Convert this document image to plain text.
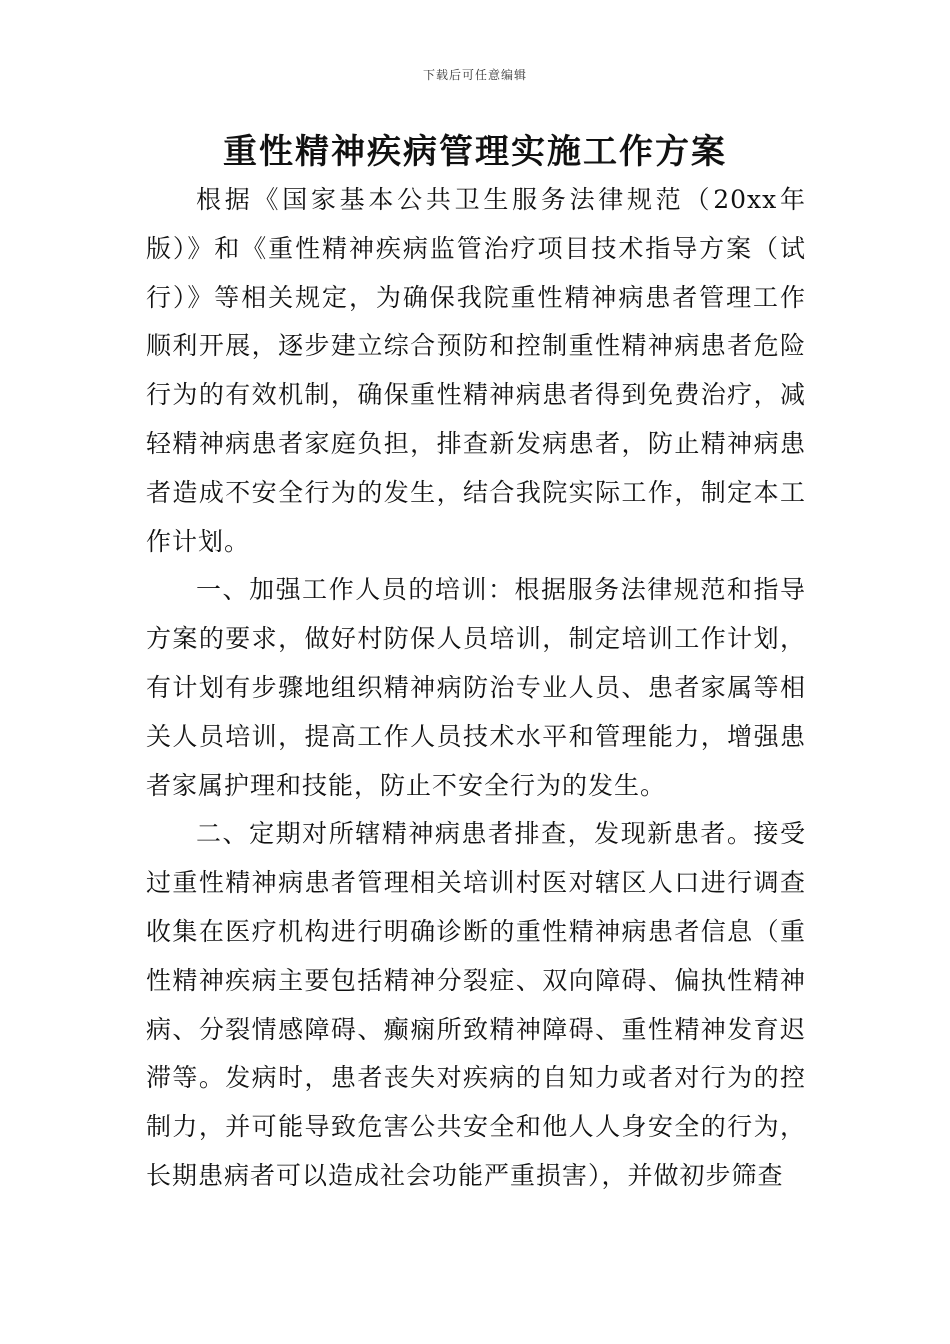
下载后可任意编辑
重性精神疾病管理实施工作方案

根据《国家基本公共卫生服务法律规范（20xx年版）》和《重性精神疾病监管治疗项目技术指导方案（试行）》等相关规定，为确保我院重性精神病患者管理工作顺利开展，逐步建立综合预防和控制重性精神病患者危险行为的有效机制，确保重性精神病患者得到免费治疗，减轻精神病患者家庭负担，排查新发病患者，防止精神病患者造成不安全行为的发生，结合我院实际工作，制定本工作计划。

一、加强工作人员的培训：根据服务法律规范和指导方案的要求，做好村防保人员培训，制定培训工作计划，有计划有步骤地组织精神病防治专业人员、患者家属等相关人员培训，提高工作人员技术水平和管理能力，增强患者家属护理和技能，防止不安全行为的发生。

二、定期对所辖精神病患者排查，发现新患者。接受过重性精神病患者管理相关培训村医对辖区人口进行调查收集在医疗机构进行明确诊断的重性精神病患者信息（重性精神疾病主要包括精神分裂症、双向障碍、偏执性精神病、分裂情感障碍、癫痫所致精神障碍、重性精神发育迟滞等。发病时，患者丧失对疾病的自知力或者对行为的控制力，并可能导致危害公共安全和他人人身安全的行为，长期患病者可以造成社会功能严重损害），并做初步筛查
